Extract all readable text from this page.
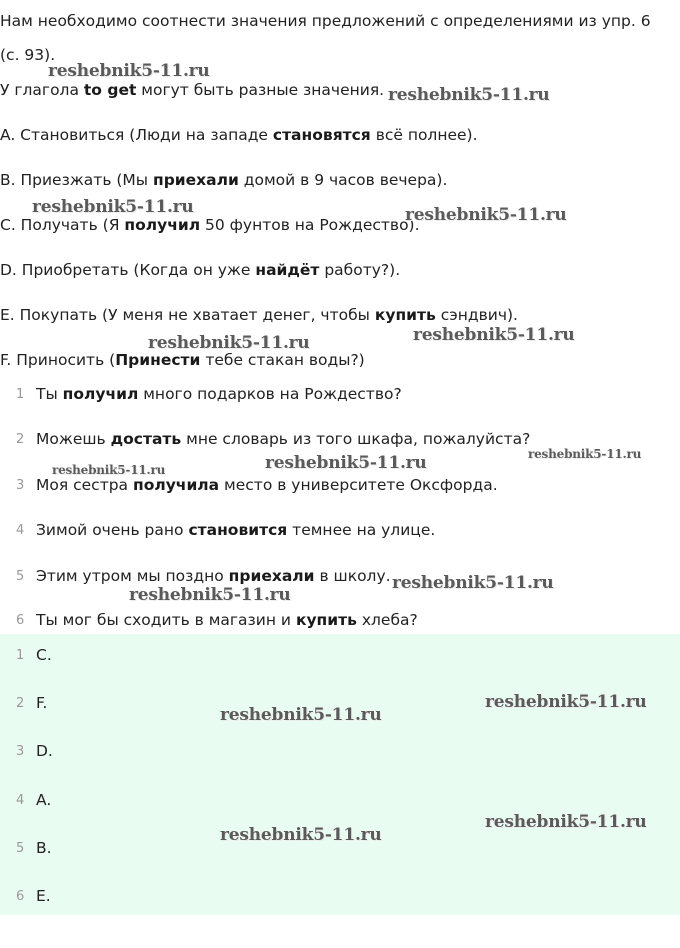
Нам необходимо соотнести значения предложений с определениями из упр. 6
(с. 93).
У глагола to get могут быть разные значения.
A. Становиться (Люди на западе становятся всё полнее).
B. Приезжать (Мы приехали домой в 9 часов вечера).
C. Получать (Я получил 50 фунтов на Рождество).
D. Приобретать (Когда он уже найдёт работу?).
E. Покупать (У меня не хватает денег, чтобы купить сэндвич).
F. Приносить (Принести тебе стакан воды?)
1 Ты получил много подарков на Рождество?
2 Можешь достать мне словарь из того шкафа, пожалуйста?
3 Моя сестра получила место в университете Оксфорда.
4 Зимой очень рано становится темнее на улице.
5 Этим утром мы поздно приехали в школу.
6 Ты мог бы сходить в магазин и купить хлеба?
1 C.
2 F.
3 D.
4 A.
5 B.
6 E.
reshebnik5-11.ru
reshebnik5-11.ru
reshebnik5-11.ru	reshebnik5-11.ru
reshebnik5-11.ru
reshebnik5-11.ru
reshebnik5-11.ru
reshebnik5-11.ru
reshebnik5-11.ru
reshebnik5-11.ru
reshebnik5-11.ru
reshebnik5-11.ru
reshebnik5-11.ru
reshebnik5-11.ru
reshebnik5-11.ru
